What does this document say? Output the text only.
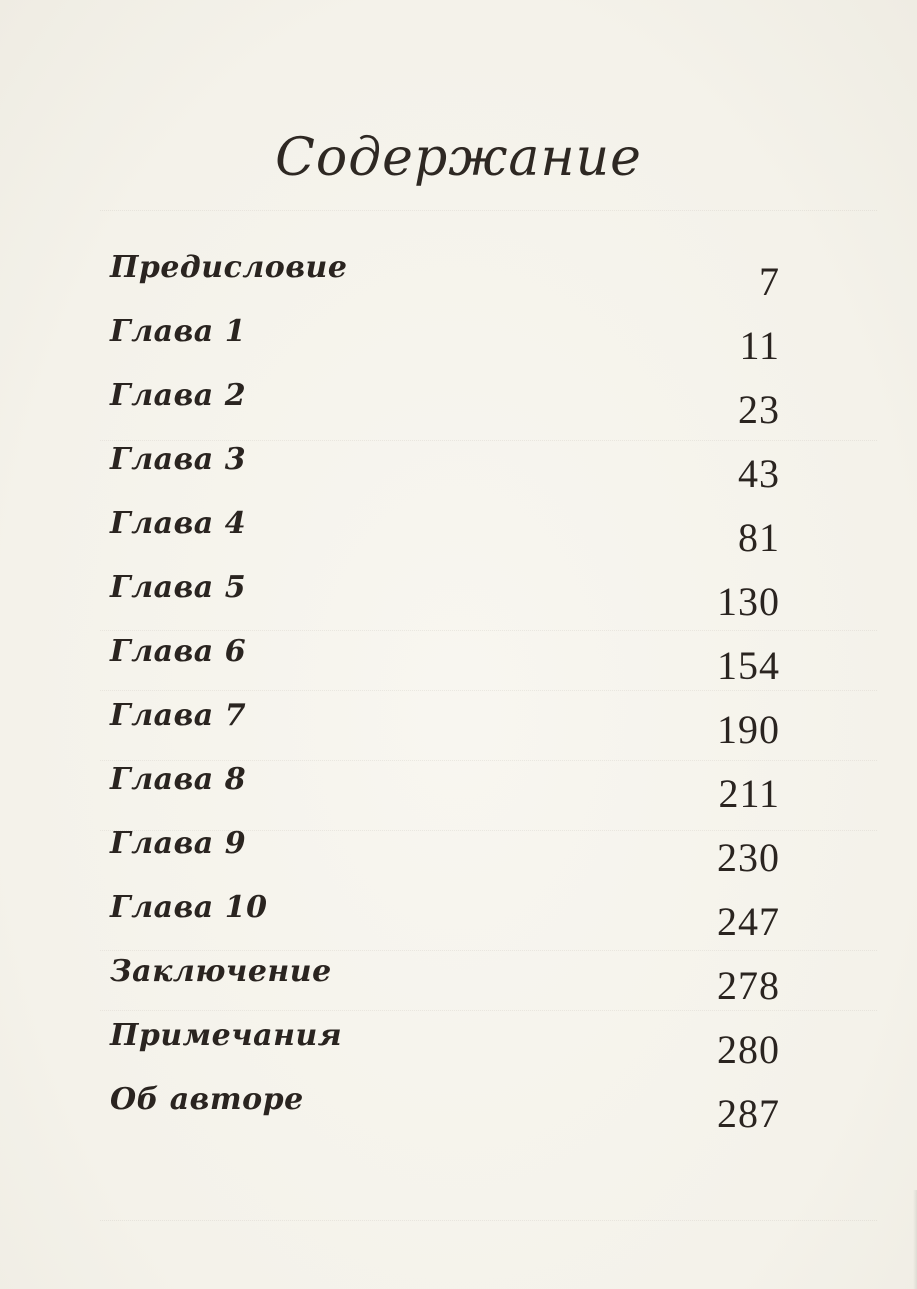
Содержание
Предисловие	7
Глава 1	11
Глава 2	23
Глава 3	43
Глава 4	81
Глава 5	130
Глава 6	154
Глава 7	190
Глава 8	211
Глава 9	230
Глава 10	247
Заключение	278
Примечания	280
Об авторе	287
